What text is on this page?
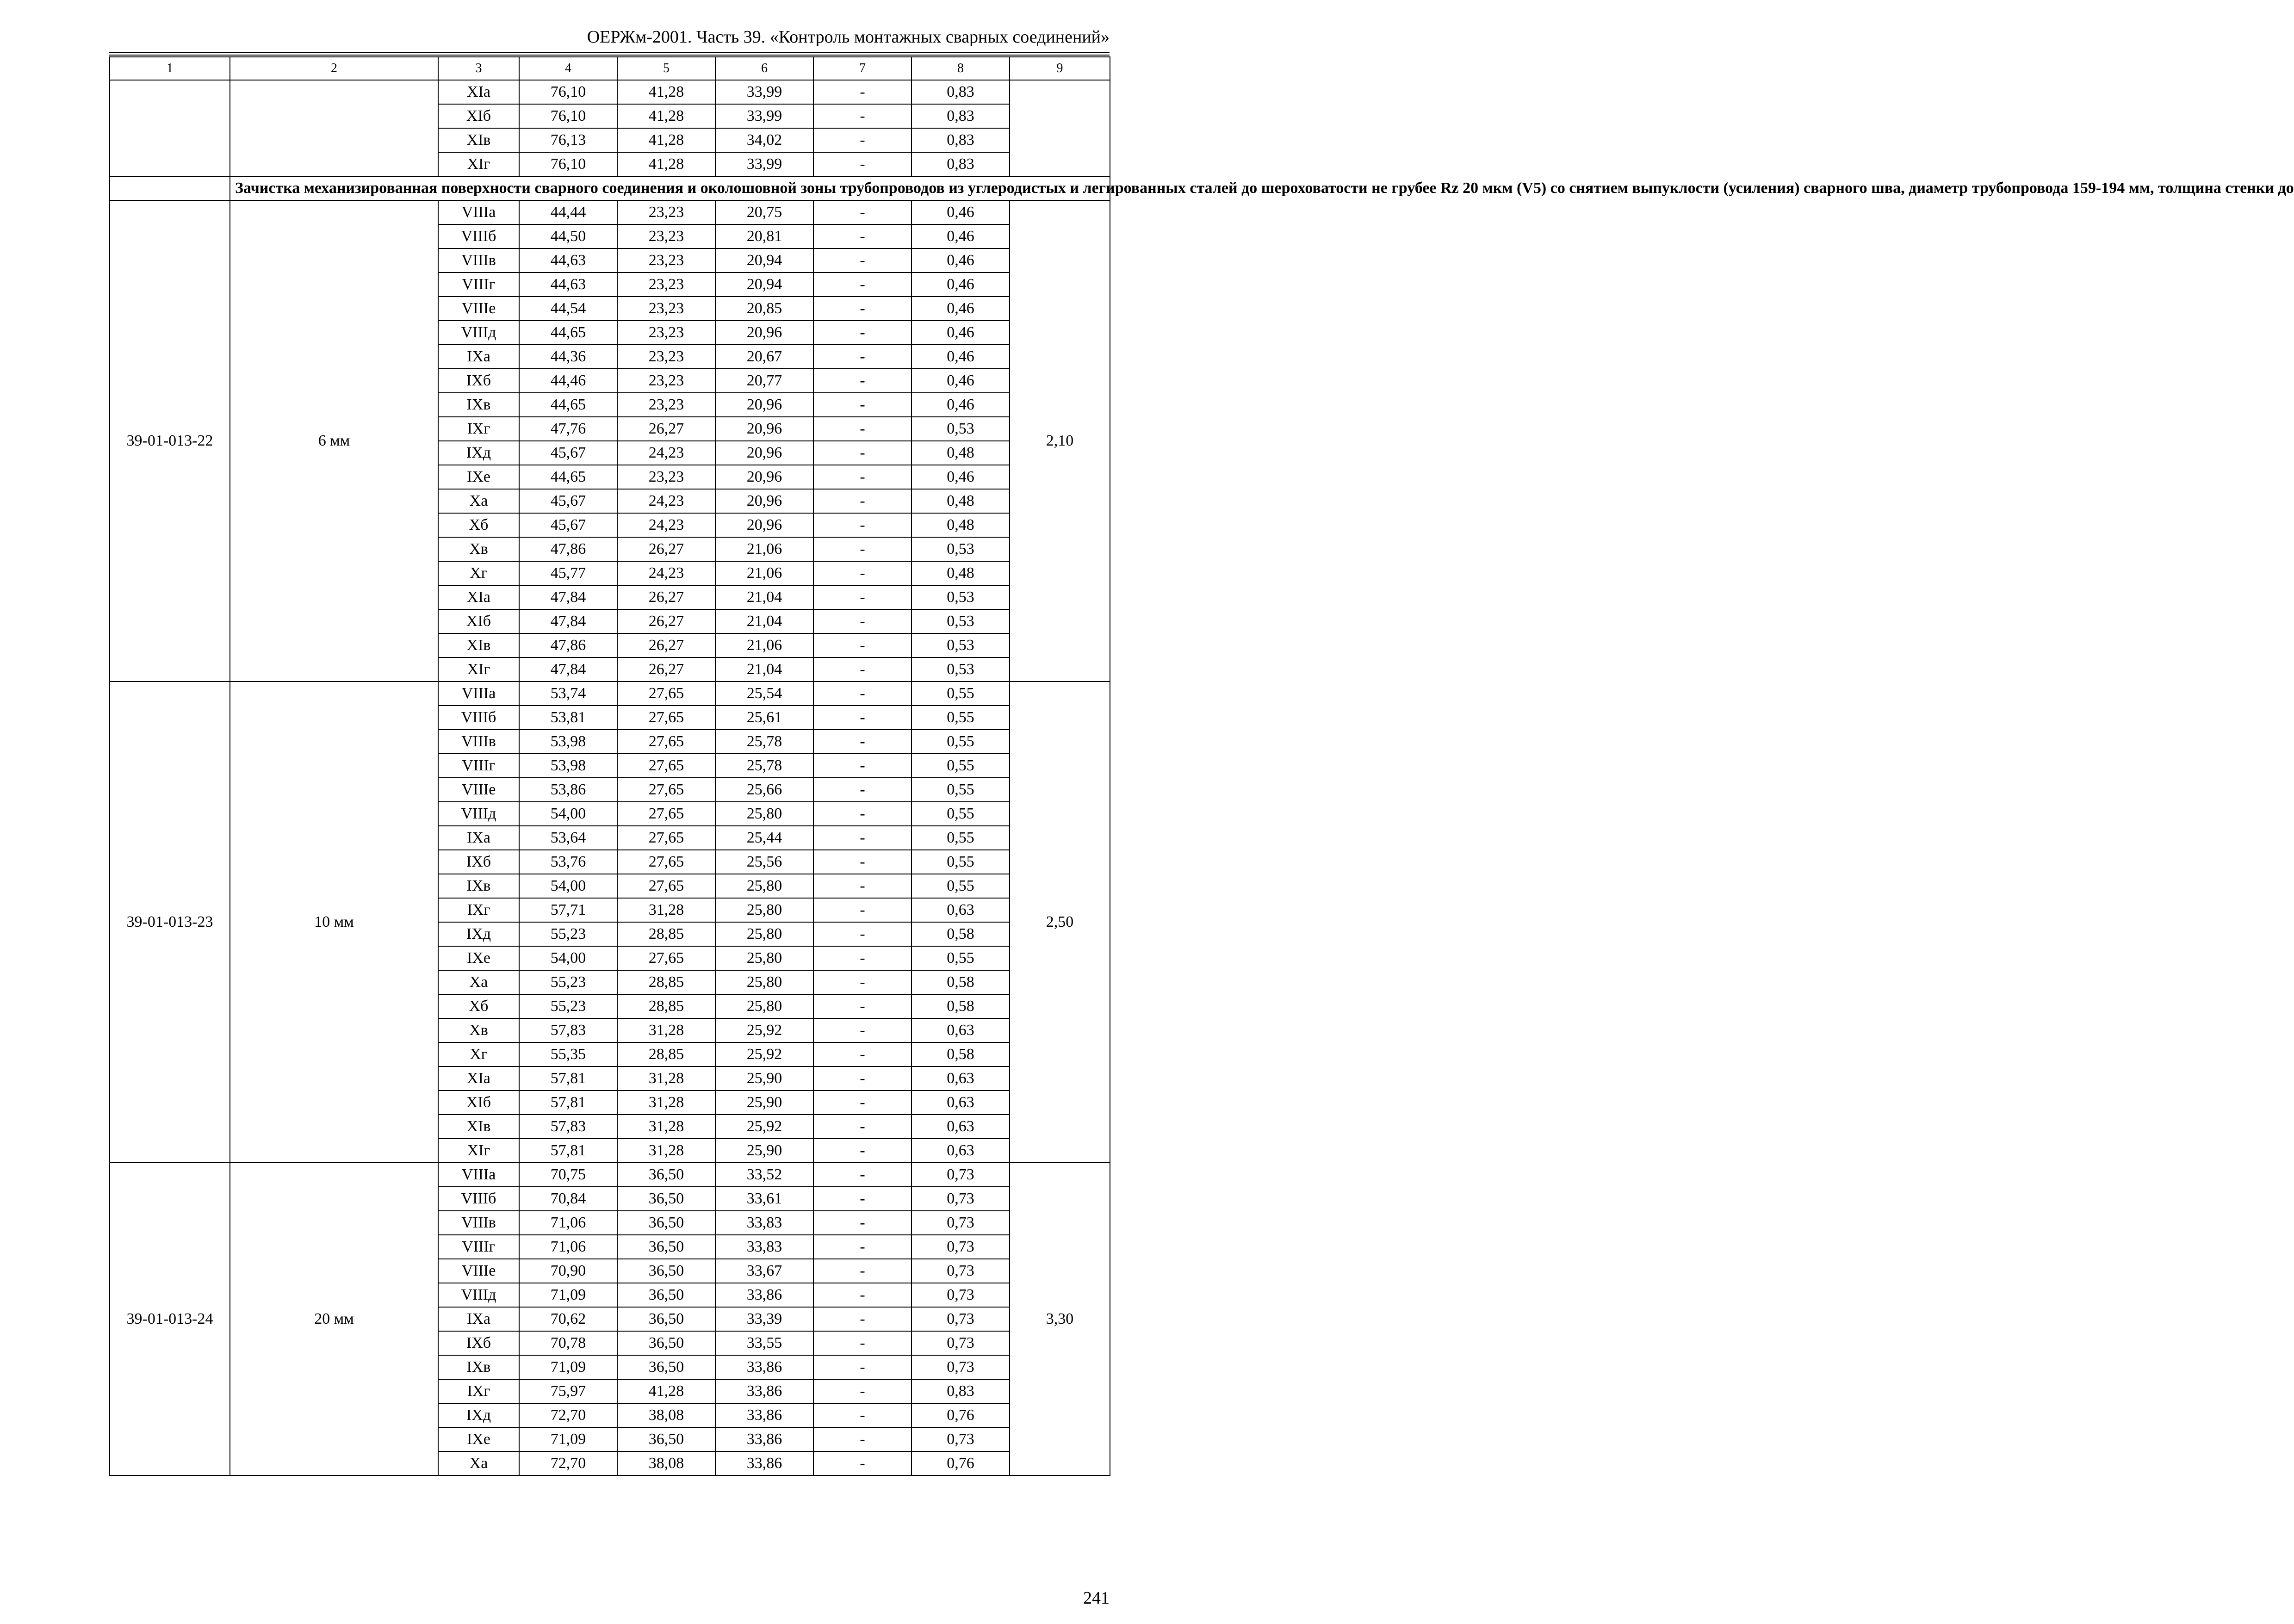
ОЕРЖм-2001. Часть 39. «Контроль монтажных сварных соединений»
1	2	3	4	5	6	7	8	9
		XIа	76,10	41,28	33,99	-	0,83	
		XIб	76,10	41,28	33,99	-	0,83	
		XIв	76,13	41,28	34,02	-	0,83	
		XIг	76,10	41,28	33,99	-	0,83	
	Зачистка механизированная поверхности сварного соединения и околошовной зоны трубопроводов из углеродистых и легированных сталей до шероховатости не грубее Rz 20 мкм (V5) со снятием выпуклости (усиления) сварного шва, диаметр трубопровода 159-194 мм, толщина стенки до							
39-01-013-22	6 мм	VIIIа	44,44	23,23	20,75	-	0,46	2,10
		VIIIб	44,50	23,23	20,81	-	0,46	
		VIIIв	44,63	23,23	20,94	-	0,46	
		VIIIг	44,63	23,23	20,94	-	0,46	
		VIIIе	44,54	23,23	20,85	-	0,46	
		VIIIд	44,65	23,23	20,96	-	0,46	
		IXа	44,36	23,23	20,67	-	0,46	
		IXб	44,46	23,23	20,77	-	0,46	
		IXв	44,65	23,23	20,96	-	0,46	
		IXг	47,76	26,27	20,96	-	0,53	
		IXд	45,67	24,23	20,96	-	0,48	
		IXе	44,65	23,23	20,96	-	0,46	
		Xа	45,67	24,23	20,96	-	0,48	
		Xб	45,67	24,23	20,96	-	0,48	
		Xв	47,86	26,27	21,06	-	0,53	
		Xг	45,77	24,23	21,06	-	0,48	
		XIа	47,84	26,27	21,04	-	0,53	
		XIб	47,84	26,27	21,04	-	0,53	
		XIв	47,86	26,27	21,06	-	0,53	
		XIг	47,84	26,27	21,04	-	0,53	
39-01-013-23	10 мм	VIIIа	53,74	27,65	25,54	-	0,55	2,50
		VIIIб	53,81	27,65	25,61	-	0,55	
		VIIIв	53,98	27,65	25,78	-	0,55	
		VIIIг	53,98	27,65	25,78	-	0,55	
		VIIIе	53,86	27,65	25,66	-	0,55	
		VIIIд	54,00	27,65	25,80	-	0,55	
		IXа	53,64	27,65	25,44	-	0,55	
		IXб	53,76	27,65	25,56	-	0,55	
		IXв	54,00	27,65	25,80	-	0,55	
		IXг	57,71	31,28	25,80	-	0,63	
		IXд	55,23	28,85	25,80	-	0,58	
		IXе	54,00	27,65	25,80	-	0,55	
		Xа	55,23	28,85	25,80	-	0,58	
		Xб	55,23	28,85	25,80	-	0,58	
		Xв	57,83	31,28	25,92	-	0,63	
		Xг	55,35	28,85	25,92	-	0,58	
		XIа	57,81	31,28	25,90	-	0,63	
		XIб	57,81	31,28	25,90	-	0,63	
		XIв	57,83	31,28	25,92	-	0,63	
		XIг	57,81	31,28	25,90	-	0,63	
39-01-013-24	20 мм	VIIIа	70,75	36,50	33,52	-	0,73	3,30
		VIIIб	70,84	36,50	33,61	-	0,73	
		VIIIв	71,06	36,50	33,83	-	0,73	
		VIIIг	71,06	36,50	33,83	-	0,73	
		VIIIе	70,90	36,50	33,67	-	0,73	
		VIIIд	71,09	36,50	33,86	-	0,73	
		IXа	70,62	36,50	33,39	-	0,73	
		IXб	70,78	36,50	33,55	-	0,73	
		IXв	71,09	36,50	33,86	-	0,73	
		IXг	75,97	41,28	33,86	-	0,83	
		IXд	72,70	38,08	33,86	-	0,76	
		IXе	71,09	36,50	33,86	-	0,73	
		Xа	72,70	38,08	33,86	-	0,76	
241
